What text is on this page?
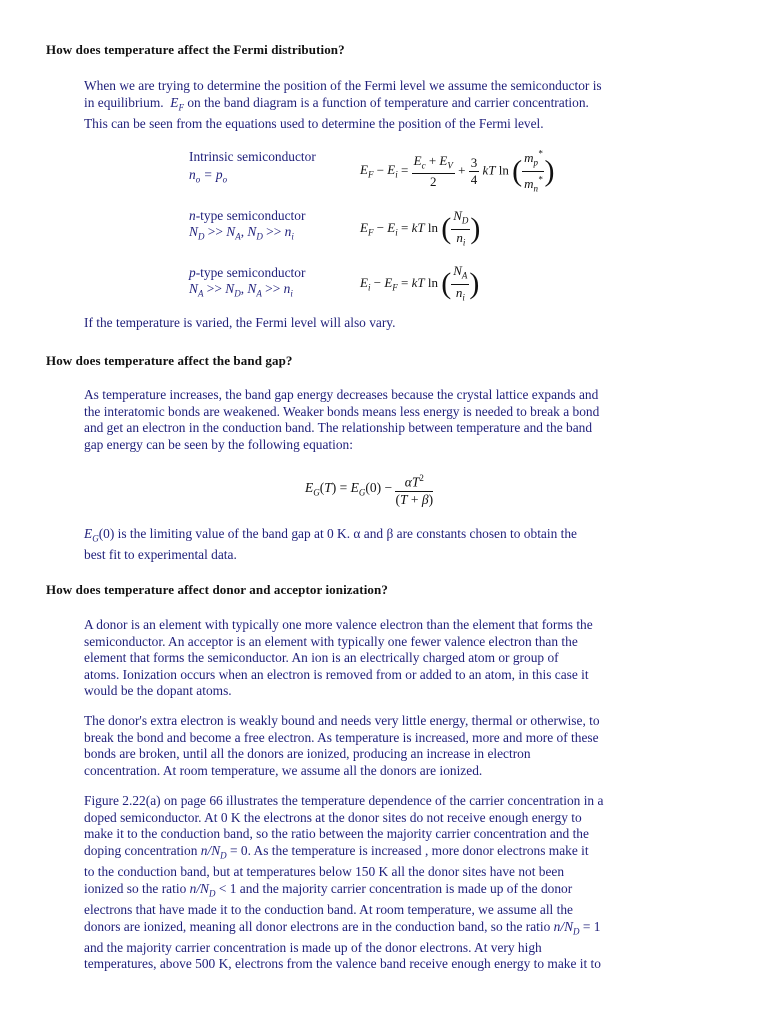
How does temperature affect the Fermi distribution?
When we are trying to determine the position of the Fermi level we assume the semiconductor is
in equilibrium. $E_F$ on the band diagram is a function of temperature and carrier concentration.
This can be seen from the equations used to determine the position of the Fermi level.
Intrinsic semiconductor
$n_o = p_o$
n-type semiconductor
$N_D >> N_A$, $N_D >> n_i$
p-type semiconductor
$N_A >> N_D$, $N_A >> n_i$
$E_F - E_i = \frac{E_c + E_V}{2} + \frac{3}{4}$ kT ln ( $\frac{m_p^*}{m_n^*}$ )
$E_F - E_i$ = kT ln ( $\frac{N_D}{n_i}$ )
$E_i - E_F$ = kT ln ( $\frac{N_A}{n_i}$ )
If the temperature is varied, the Fermi level will also vary.
How does temperature affect the band gap?
As temperature increases, the band gap energy decreases because the crystal lattice expands and
the interatomic bonds are weakened. Weaker bonds means less energy is needed to break a bond
and get an electron in the conduction band. The relationship between temperature and the band
gap energy can be seen by the following equation:
$E_G(T) = E_G(0) - \frac{\alpha T^2}{(T + \beta)}$
$E_G(0)$ is the limiting value of the band gap at 0 K. α and β are constants chosen to obtain the
best fit to experimental data.
How does temperature affect donor and acceptor ionization?
A donor is an element with typically one more valence electron than the element that forms the
semiconductor. An acceptor is an element with typically one fewer valence electron than the
element that forms the semiconductor. An ion is an electrically charged atom or group of
atoms. Ionization occurs when an electron is removed from or added to an atom, in this case it
would be the dopant atoms.
The donor's extra electron is weakly bound and needs very little energy, thermal or otherwise, to
break the bond and become a free electron. As temperature is increased, more and more of these
bonds are broken, until all the donors are ionized, producing an increase in electron
concentration. At room temperature, we assume all the donors are ionized.
Figure 2.22(a) on page 66 illustrates the temperature dependence of the carrier concentration in a
doped semiconductor. At 0 K the electrons at the donor sites do not receive enough energy to
make it to the conduction band, so the ratio between the majority carrier concentration and the
doping concentration $n/N_D = 0$. As the temperature is increased , more donor electrons make it
to the conduction band, but at temperatures below 150 K all the donor sites have not been
ionized so the ratio $n/N_D < 1$ and the majority carrier concentration is made up of the donor
electrons that have made it to the conduction band. At room temperature, we assume all the
donors are ionized, meaning all donor electrons are in the conduction band, so the ratio $n/N_D = 1$
and the majority carrier concentration is made up of the donor electrons. At very high
temperatures, above 500 K, electrons from the valence band receive enough energy to make it to
